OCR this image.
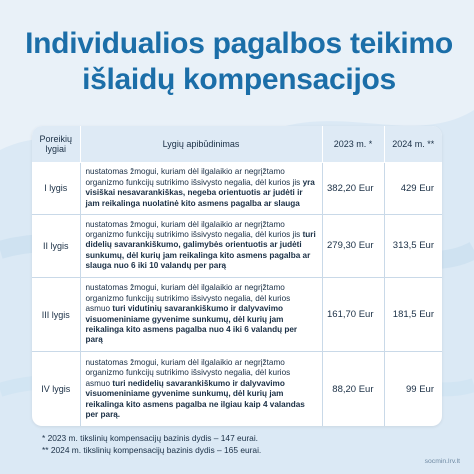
Individualios pagalbos teikimo
išlaidų kompensacijos
Poreikių lygiai	Lygių apibūdinimas	2023 m. *	2024 m. **
I lygis	nustatomas žmogui, kuriam dėl ilgalaikio ar negrįžtamo organizmo funkcijų sutrikimo išsivysto negalia, dėl kurios jis yra visiškai nesavarankiškas, negeba orientuotis ar judėti ir jam reikalinga nuolatinė kito asmens pagalba ar slauga	382,20 Eur	429 Eur
II lygis	nustatomas žmogui, kuriam dėl ilgalaikio ar negrįžtamo organizmo funkcijų sutrikimo išsivysto negalia, dėl kurios jis turi didelių savarankiškumo, galimybės orientuotis ar judėti sunkumų, dėl kurių jam reikalinga kito asmens pagalba ar slauga nuo 6 iki 10 valandų per parą	279,30 Eur	313,5 Eur
III lygis	nustatomas žmogui, kuriam dėl ilgalaikio ar negrįžtamo organizmo funkcijų sutrikimo išsivysto negalia, dėl kurios asmuo turi vidutinių savarankiškumo ir dalyvavimo visuomeniniame gyvenime sunkumų, dėl kurių jam reikalinga kito asmens pagalba nuo 4 iki 6 valandų per parą	161,70 Eur	181,5 Eur
IV lygis	nustatomas žmogui, kuriam dėl ilgalaikio ar negrįžtamo organizmo funkcijų sutrikimo išsivysto negalia, dėl kurios asmuo turi nedidelių savarankiškumo ir dalyvavimo visuomeniniame gyvenime sunkumų, dėl kurių jam reikalinga kito asmens pagalba ne ilgiau kaip 4 valandas per parą.	88,20 Eur	99 Eur
* 2023 m. tikslinių kompensacijų bazinis dydis – 147 eurai.
** 2024 m. tikslinių kompensacijų bazinis dydis – 165 eurai.
socmin.lrv.lt
